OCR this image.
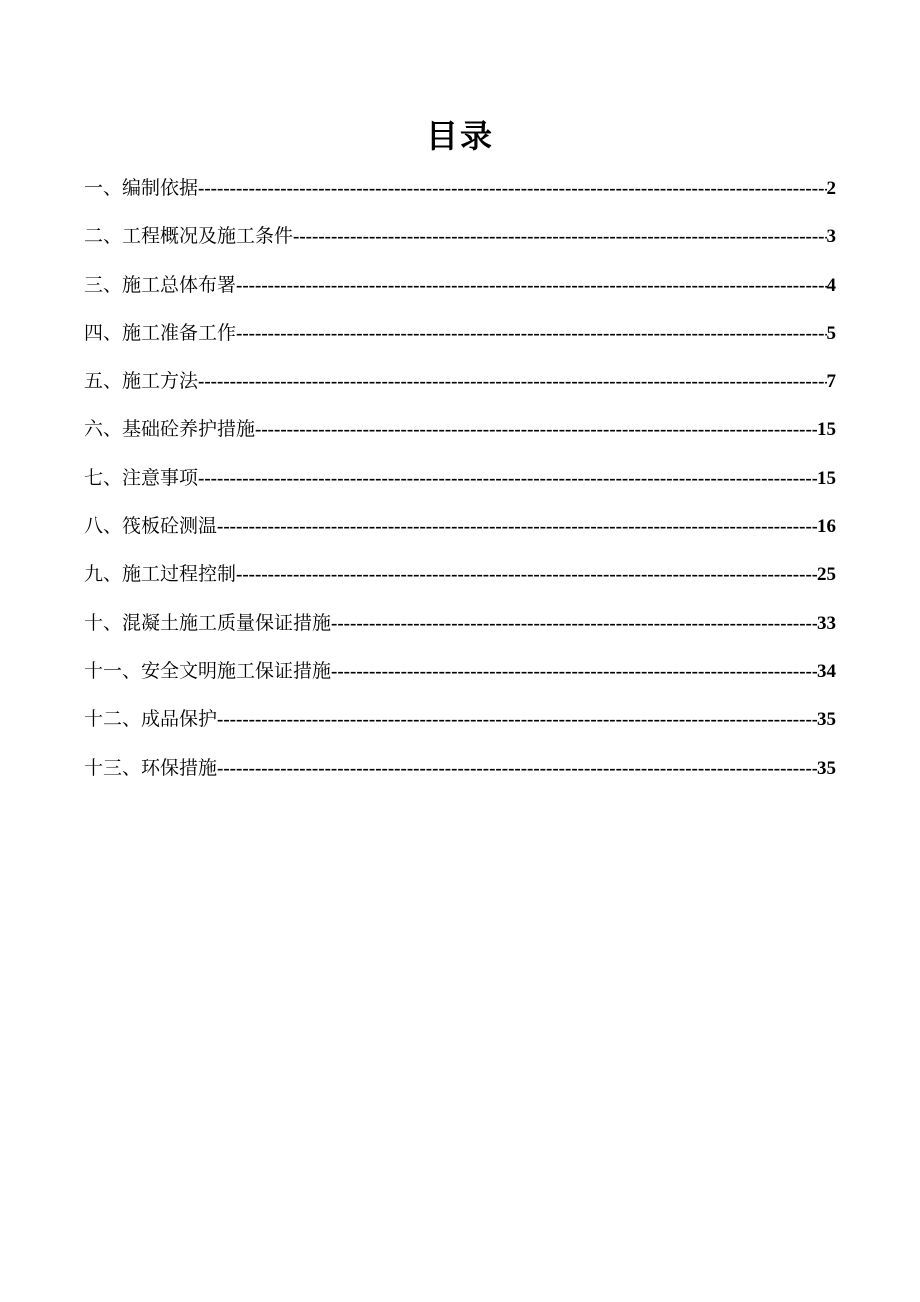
目录
一、编制依据 -----	2
二、工程概况及施工条件 -----	3
三、施工总体布署 -----	4
四、施工准备工作 -----	5
五、施工方法 -----	7
六、基础砼养护措施 -----	15
七、注意事项 -----	15
八、筏板砼测温 -----	16
九、施工过程控制 -----	25
十、混凝土施工质量保证措施 -----	33
十一、安全文明施工保证措施 -----	34
十二、成品保护 -----	35
十三、环保措施 -----	35
